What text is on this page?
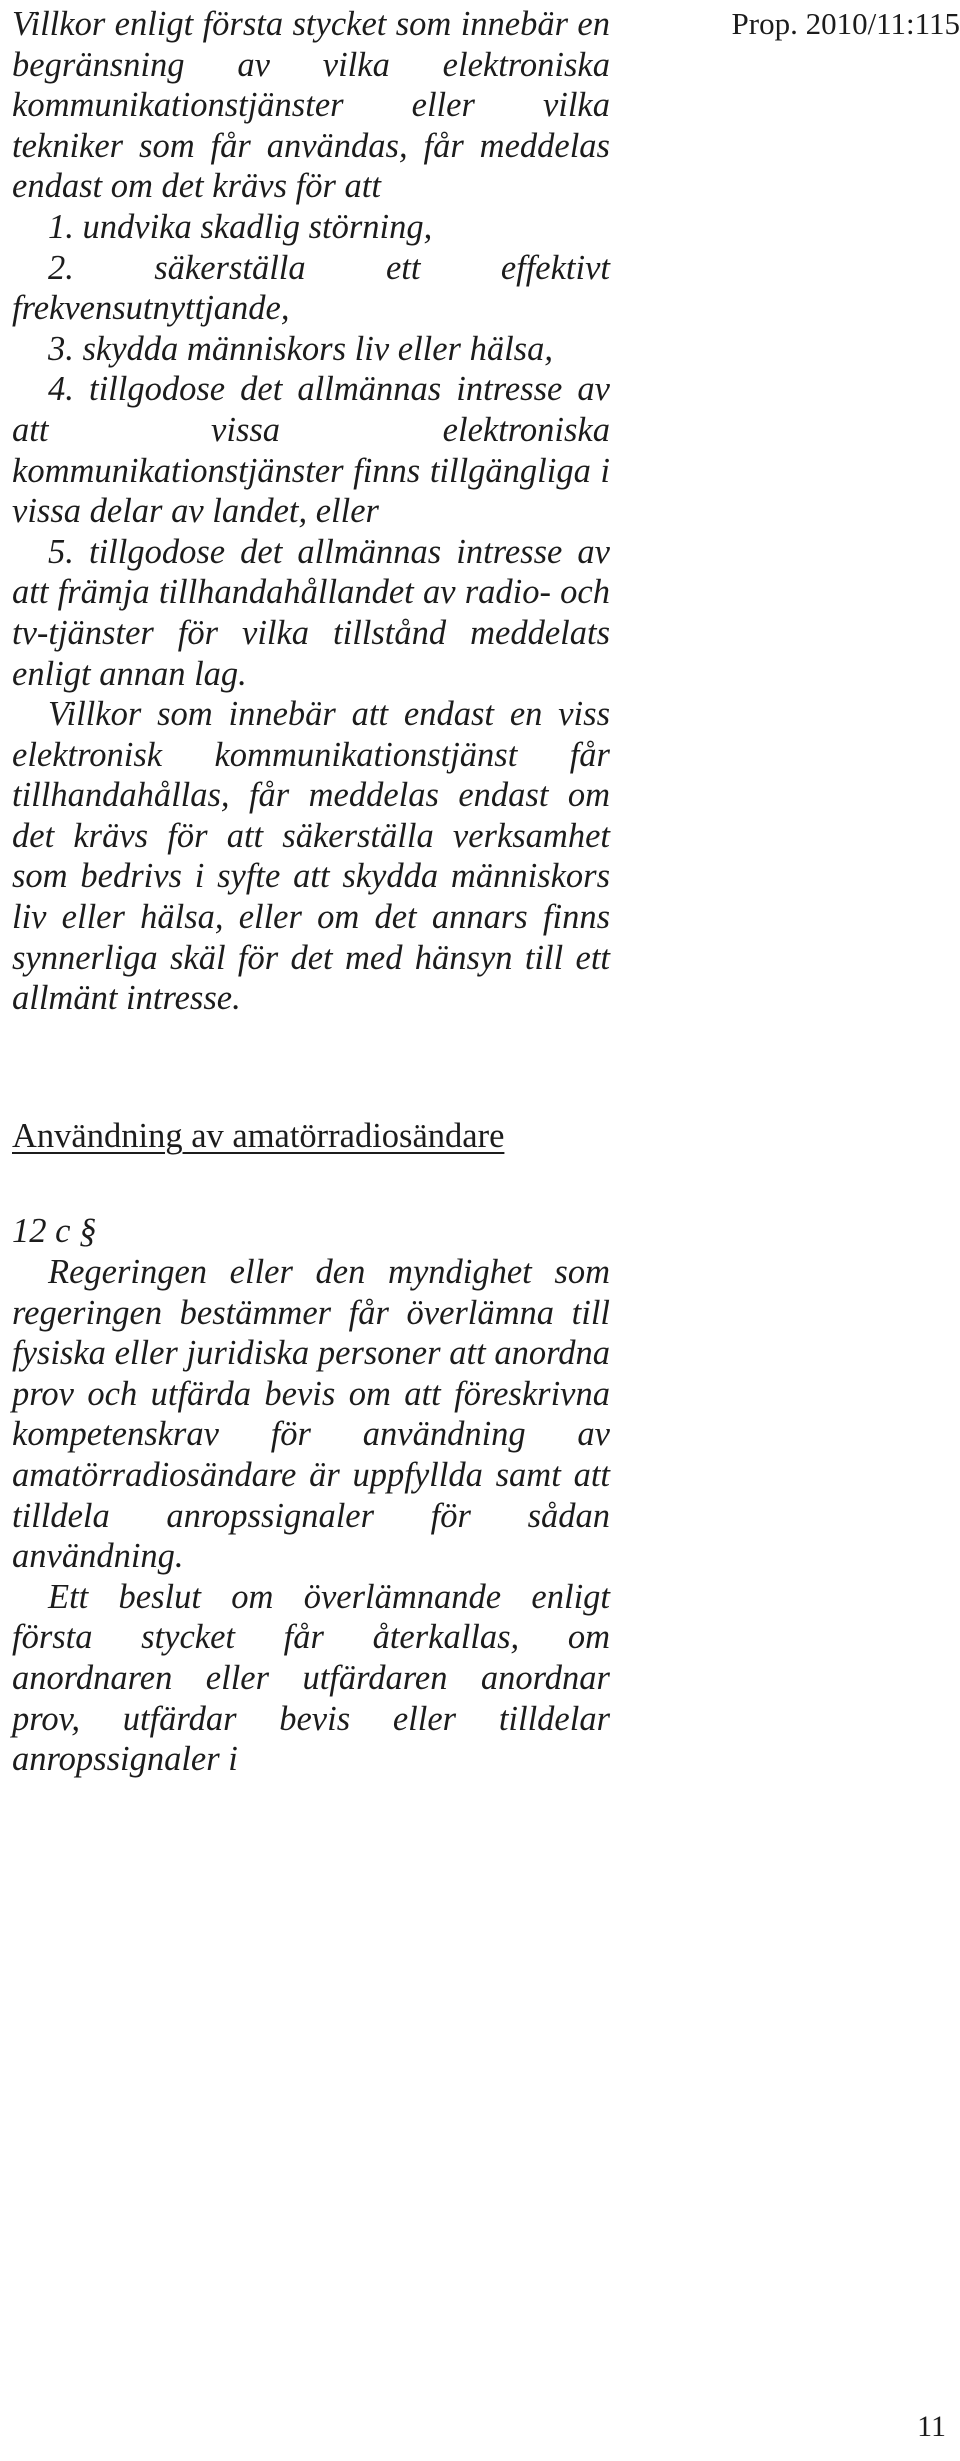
Prop. 2010/11:115

Villkor enligt första stycket som innebär en begränsning av vilka elektroniska kommunikationstjänster eller vilka tekniker som får användas, får meddelas endast om det krävs för att

1. undvika skadlig störning,

2. säkerställa ett effektivt frekvensutnyttjande,

3. skydda människors liv eller hälsa,

4. tillgodose det allmännas intresse av att vissa elektroniska kommunikationstjänster finns tillgängliga i vissa delar av landet, eller

5. tillgodose det allmännas intresse av att främja tillhandahållandet av radio- och tv-tjänster för vilka tillstånd meddelats enligt annan lag.

Villkor som innebär att endast en viss elektronisk kommunikationstjänst får tillhandahållas, får meddelas endast om det krävs för att säkerställa verksamhet som bedrivs i syfte att skydda människors liv eller hälsa, eller om det annars finns synnerliga skäl för det med hänsyn till ett allmänt intresse.

Användning av amatörradiosändare

12 c §

Regeringen eller den myndighet som regeringen bestämmer får överlämna till fysiska eller juridiska personer att anordna prov och utfärda bevis om att föreskrivna kompetenskrav för användning av amatörradiosändare är uppfyllda samt att tilldela anropssignaler för sådan användning.

Ett beslut om överlämnande enligt första stycket får återkallas, om anordnaren eller utfärdaren anordnar prov, utfärdar bevis eller tilldelar anropssignaler i

11
